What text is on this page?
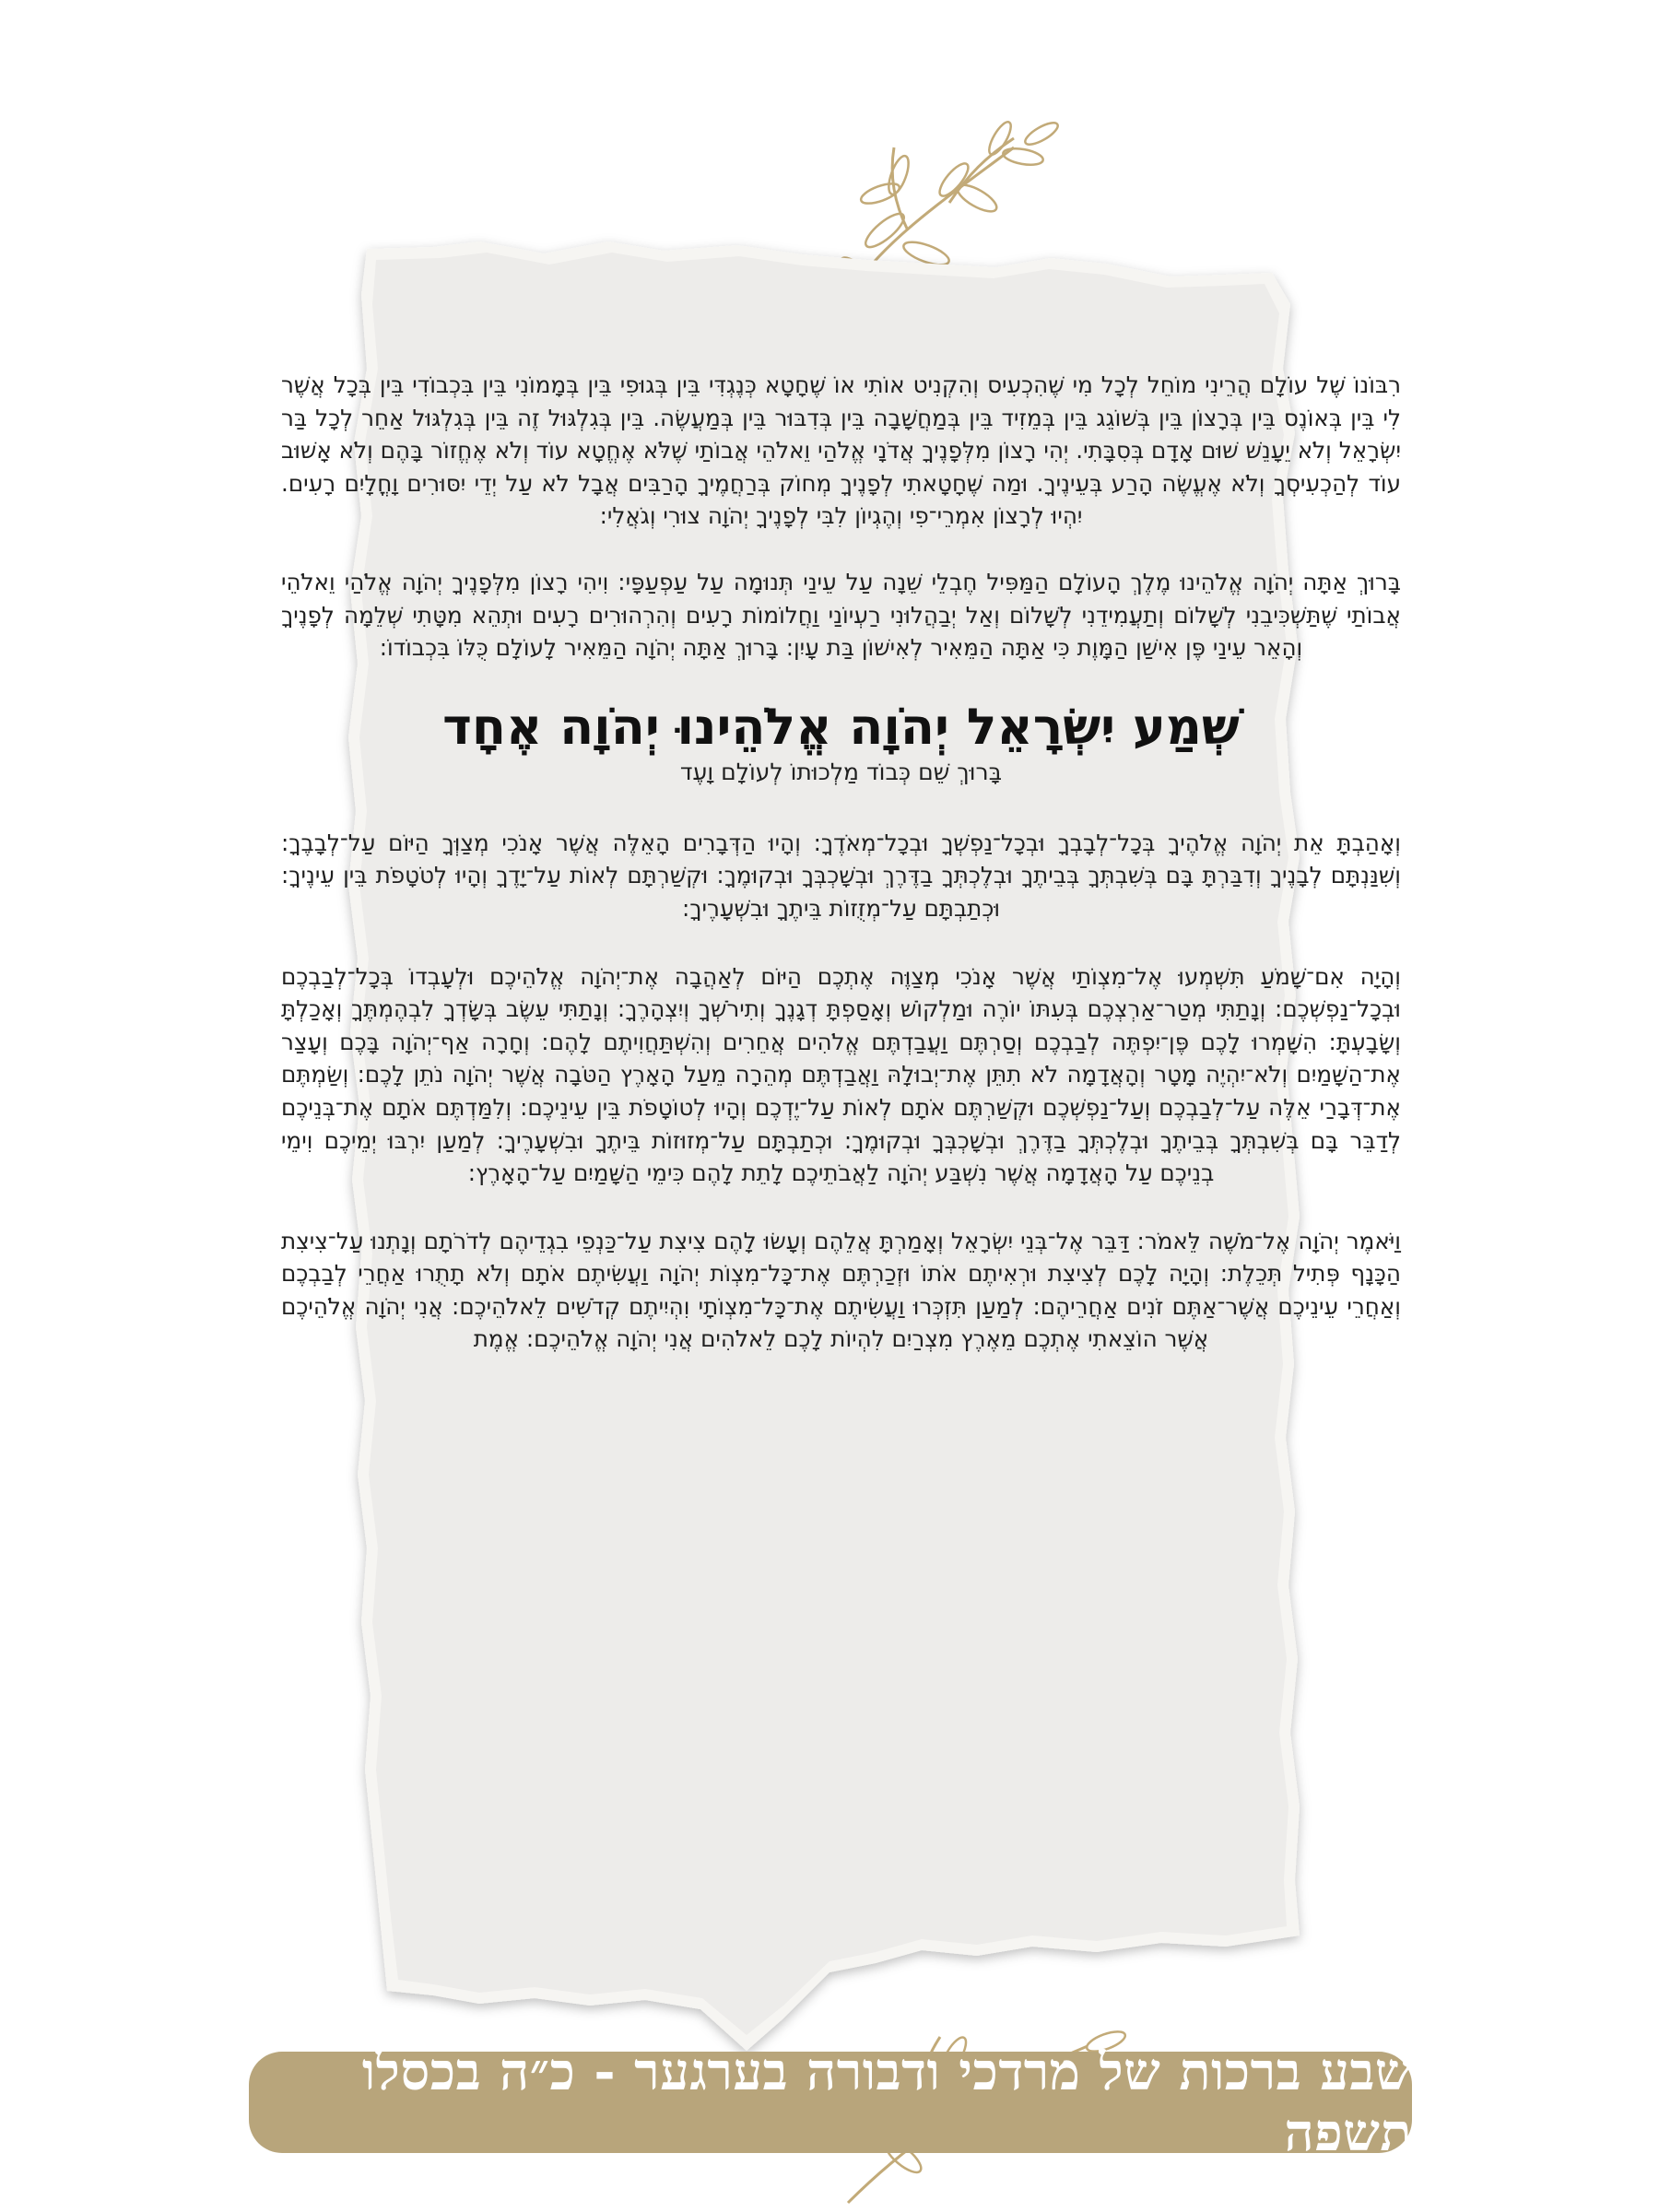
רִבּוֹנוֹ שֶׁל עוֹלָם הֲרֵינִי מוֹחֵל לְכָל מִי שֶׁהִכְעִיס וְהִקְנִיט אוֹתִי אוֹ שֶׁחָטָא כְּנֶגְדִּי בֵּין בְּגוּפִי בֵּין בְּמָמוֹנִי בֵּין בִּכְבוֹדִי בֵּין בְּכָל אֲשֶׁר לִי בֵּין בְּאוֹנֶס בֵּין בְּרָצוֹן בֵּין בְּשׁוֹגֵג בֵּין בְּמֵזִיד בֵּין בְּמַחֲשָׁבָה בֵּין בְּדִבּוּר בֵּין בְּמַעֲשֶׂה. בֵּין בְּגִלְגּוּל זֶה בֵּין בְּגִלְגּוּל אַחֵר לְכָל בַּר יִשְׂרָאֵל וְלֹא יֵעָנֵשׁ שׁוּם אָדָם בְּסִבָּתִי. יְהִי רָצוֹן מִלְּפָנֶיךָ אֲדֹנָי אֱלֹהַי וֵאלֹהֵי אֲבוֹתַי שֶׁלֹּא אֶחֱטָא עוֹד וְלֹא אֶחֱזוֹר בָּהֶם וְלֹא אָשׁוּב עוֹד לְהַכְעִיסְךָ וְלֹא אֶעֱשֶׂה הָרַע בְּעֵינֶיךָ. וּמַה שֶּׁחָטָאתִי לְפָנֶיךָ מְחוֹק בְּרַחֲמֶיךָ הָרַבִּים אֲבָל לֹא עַל יְדֵי יִסּוּרִים וָחֳלָיִם רָעִים. יִהְיוּ לְרָצוֹן אִמְרֵי־פִי וְהֶגְיוֹן לִבִּי לְפָנֶיךָ יְהֹוָה צוּרִי וְגֹאֲלִי:

בָּרוּךְ אַתָּה יְהֹוָה אֱלֹהֵינוּ מֶלֶךְ הָעוֹלָם הַמַּפִּיל חֶבְלֵי שֵׁנָה עַל עֵינַי תְּנוּמָה עַל עַפְעַפָּי: וִיהִי רָצוֹן מִלְּפָנֶיךָ יְהֹוָה אֱלֹהַי וֵאלֹהֵי אֲבוֹתַי שֶׁתַּשְׁכִּיבֵנִי לְשָׁלוֹם וְתַעֲמִידֵנִי לְשָׁלוֹם וְאַל יְבַהֲלוּנִי רַעְיוֹנַי וַחֲלוֹמוֹת רָעִים וְהִרְהוּרִים רָעִים וּתְהֵא מִטָּתִי שְׁלֵמָה לְפָנֶיךָ וְהָאֵר עֵינַי פֶּן אִישַׁן הַמָּוֶת כִּי אַתָּה הַמֵּאִיר לְאִישׁוֹן בַּת עָיִן: בָּרוּךְ אַתָּה יְהֹוָה הַמֵּאִיר לָעוֹלָם כֻּלּוֹ בִּכְבוֹדוֹ:

שְׁמַע יִשְׂרָאֵל יְהֹוָה אֱלֹהֵינוּ יְהֹוָה אֶחָד

בָּרוּךְ שֵׁם כְּבוֹד מַלְכוּתוֹ לְעוֹלָם וָעֶד

וְאָהַבְתָּ אֵת יְהֹוָה אֱלֹהֶיךָ בְּכָל־לְבָבְךָ וּבְכָל־נַפְשְׁךָ וּבְכָל־מְאֹדֶךָ: וְהָיוּ הַדְּבָרִים הָאֵלֶּה אֲשֶׁר אָנֹכִי מְצַוְּךָ הַיּוֹם עַל־לְבָבֶךָ: וְשִׁנַּנְתָּם לְבָנֶיךָ וְדִבַּרְתָּ בָּם בְּשִׁבְתְּךָ בְּבֵיתֶךָ וּבְלֶכְתְּךָ בַדֶּרֶךְ וּבְשָׁכְבְּךָ וּבְקוּמֶךָ: וּקְשַׁרְתָּם לְאוֹת עַל־יָדֶךָ וְהָיוּ לְטֹטָפֹת בֵּין עֵינֶיךָ: וּכְתַבְתָּם עַל־מְזֻזוֹת בֵּיתֶךָ וּבִשְׁעָרֶיךָ:

וְהָיָה אִם־שָׁמֹעַ תִּשְׁמְעוּ אֶל־מִצְוֹתַי אֲשֶׁר אָנֹכִי מְצַוֶּה אֶתְכֶם הַיּוֹם לְאַהֲבָה אֶת־יְהֹוָה אֱלֹהֵיכֶם וּלְעָבְדוֹ בְּכָל־לְבַבְכֶם וּבְכָל־נַפְשְׁכֶם: וְנָתַתִּי מְטַר־אַרְצְכֶם בְּעִתּוֹ יוֹרֶה וּמַלְקוֹשׁ וְאָסַפְתָּ דְגָנֶךָ וְתִירֹשְׁךָ וְיִצְהָרֶךָ: וְנָתַתִּי עֵשֶׂב בְּשָׂדְךָ לִבְהֶמְתֶּךָ וְאָכַלְתָּ וְשָׂבָעְתָּ: הִשָּׁמְרוּ לָכֶם פֶּן־יִפְתֶּה לְבַבְכֶם וְסַרְתֶּם וַעֲבַדְתֶּם אֱלֹהִים אֲחֵרִים וְהִשְׁתַּחֲוִיתֶם לָהֶם: וְחָרָה אַף־יְהֹוָה בָּכֶם וְעָצַר אֶת־הַשָּׁמַיִם וְלֹא־יִהְיֶה מָטָר וְהָאֲדָמָה לֹא תִתֵּן אֶת־יְבוּלָהּ וַאֲבַדְתֶּם מְהֵרָה מֵעַל הָאָרֶץ הַטֹּבָה אֲשֶׁר יְהֹוָה נֹתֵן לָכֶם: וְשַׂמְתֶּם אֶת־דְּבָרַי אֵלֶּה עַל־לְבַבְכֶם וְעַל־נַפְשְׁכֶם וּקְשַׁרְתֶּם אֹתָם לְאוֹת עַל־יֶדְכֶם וְהָיוּ לְטוֹטָפֹת בֵּין עֵינֵיכֶם: וְלִמַּדְתֶּם אֹתָם אֶת־בְּנֵיכֶם לְדַבֵּר בָּם בְּשִׁבְתְּךָ בְּבֵיתֶךָ וּבְלֶכְתְּךָ בַדֶּרֶךְ וּבְשָׁכְבְּךָ וּבְקוּמֶךָ: וּכְתַבְתָּם עַל־מְזוּזוֹת בֵּיתֶךָ וּבִשְׁעָרֶיךָ: לְמַעַן יִרְבּוּ יְמֵיכֶם וִימֵי בְנֵיכֶם עַל הָאֲדָמָה אֲשֶׁר נִשְׁבַּע יְהֹוָה לַאֲבֹתֵיכֶם לָתֵת לָהֶם כִּימֵי הַשָּׁמַיִם עַל־הָאָרֶץ:

וַיֹּאמֶר יְהֹוָה אֶל־מֹשֶׁה לֵּאמֹר: דַּבֵּר אֶל־בְּנֵי יִשְׂרָאֵל וְאָמַרְתָּ אֲלֵהֶם וְעָשׂוּ לָהֶם צִיצִת עַל־כַּנְפֵי בִגְדֵיהֶם לְדֹרֹתָם וְנָתְנוּ עַל־צִיצִת הַכָּנָף פְּתִיל תְּכֵלֶת: וְהָיָה לָכֶם לְצִיצִת וּרְאִיתֶם אֹתוֹ וּזְכַרְתֶּם אֶת־כָּל־מִצְוֹת יְהֹוָה וַעֲשִׂיתֶם אֹתָם וְלֹא תָתֻרוּ אַחֲרֵי לְבַבְכֶם וְאַחֲרֵי עֵינֵיכֶם אֲשֶׁר־אַתֶּם זֹנִים אַחֲרֵיהֶם: לְמַעַן תִּזְכְּרוּ וַעֲשִׂיתֶם אֶת־כָּל־מִצְוֹתָי וִהְיִיתֶם קְדֹשִׁים לֵאלֹהֵיכֶם: אֲנִי יְהֹוָה אֱלֹהֵיכֶם אֲשֶׁר הוֹצֵאתִי אֶתְכֶם מֵאֶרֶץ מִצְרַיִם לִהְיוֹת לָכֶם לֵאלֹהִים אֲנִי יְהֹוָה אֱלֹהֵיכֶם: אֱמֶת

שבע ברכות של מרדכי ודבורה בערגער - כ״ה בכסלו תשפה
